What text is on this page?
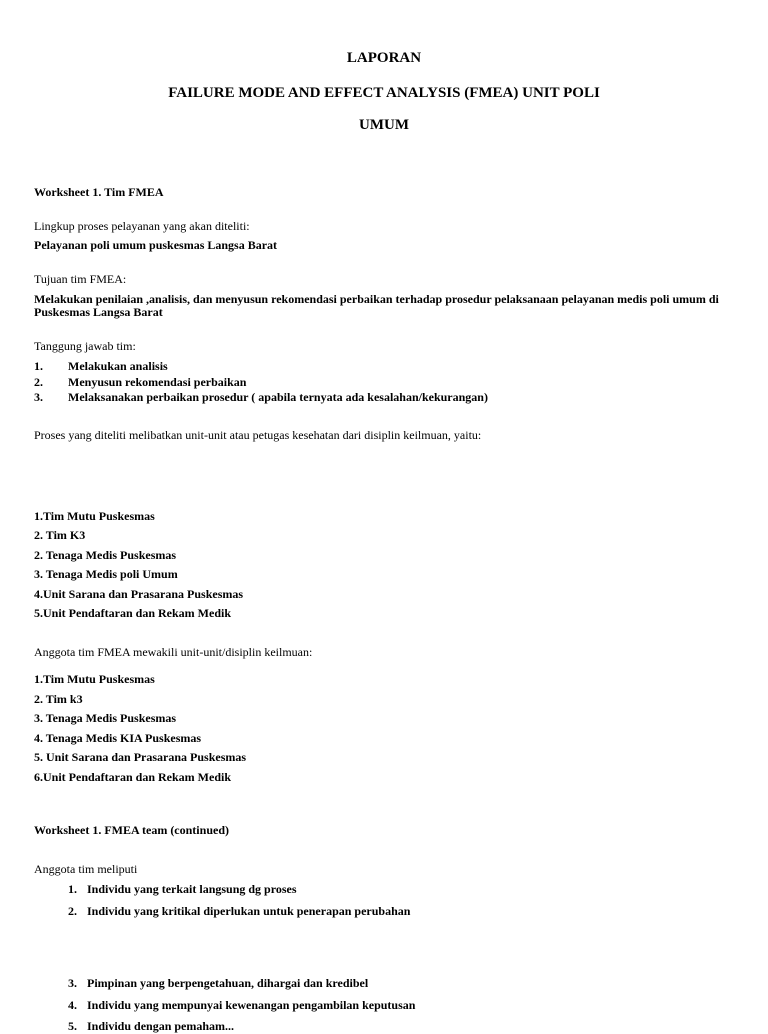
LAPORAN
FAILURE MODE AND EFFECT ANALYSIS (FMEA) UNIT POLI
UMUM
Worksheet 1. Tim FMEA
Lingkup proses pelayanan yang akan diteliti:
Pelayanan poli umum puskesmas Langsa Barat
Tujuan tim FMEA:
Melakukan penilaian ,analisis, dan menyusun rekomendasi perbaikan terhadap prosedur pelaksanaan pelayanan medis poli umum di Puskesmas Langsa Barat
Tanggung jawab tim:
1. Melakukan analisis
2. Menyusun rekomendasi perbaikan
3. Melaksanakan perbaikan prosedur ( apabila ternyata ada kesalahan/kekurangan)
Proses yang diteliti melibatkan unit-unit atau petugas kesehatan dari disiplin keilmuan, yaitu:
1.Tim Mutu Puskesmas
2. Tim K3
2. Tenaga Medis Puskesmas
3. Tenaga Medis poli Umum
4.Unit Sarana dan Prasarana Puskesmas
5.Unit Pendaftaran dan Rekam Medik
Anggota tim FMEA mewakili unit-unit/disiplin keilmuan:
1.Tim Mutu Puskesmas
2. Tim k3
3. Tenaga Medis Puskesmas
4. Tenaga Medis KIA Puskesmas
5. Unit Sarana dan Prasarana Puskesmas
6.Unit Pendaftaran dan Rekam Medik
Worksheet 1. FMEA team (continued)
Anggota tim meliputi
1. Individu yang terkait langsung dg proses
2. Individu yang kritikal diperlukan untuk penerapan perubahan
3. Pimpinan yang berpengetahuan, dihargai dan kredibel
4. Individu yang mempunyai kewenangan pengambilan keputusan
5. Individu dengan pemaham...
